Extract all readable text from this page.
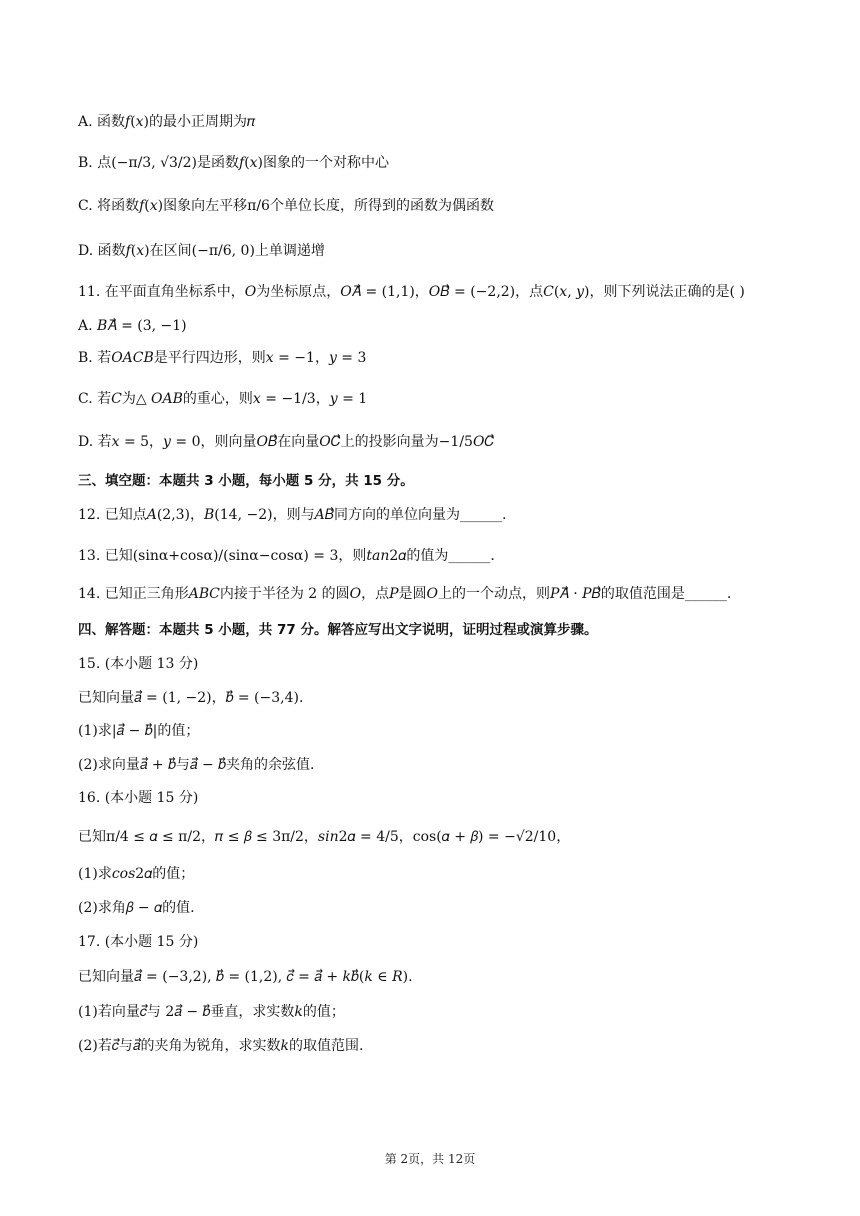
A. 函数𝑓(𝑥)的最小正周期为𝜋
B. 点(−π/3, √3/2)是函数𝑓(𝑥)图象的一个对称中心
C. 将函数𝑓(𝑥)图象向左平移π/6个单位长度，所得到的函数为偶函数
D. 函数𝑓(𝑥)在区间(−π/6, 0)上单调递增
11. 在平面直角坐标系中，𝑂为坐标原点，𝑂𝐴⃗ = (1,1)，𝑂𝐵⃗ = (−2,2)，点𝐶(𝑥, 𝑦)，则下列说法正确的是( )
A. 𝐵𝐴⃗ = (3, −1)
B. 若𝑂𝐴𝐶𝐵是平行四边形，则𝑥 = −1，𝑦 = 3
C. 若𝐶为△ 𝑂𝐴𝐵的重心，则𝑥 = −1/3，𝑦 = 1
D. 若𝑥 = 5，𝑦 = 0，则向量𝑂𝐵⃗在向量𝑂𝐶⃗上的投影向量为−1/5𝑂𝐶⃗
三、填空题：本题共 3 小题，每小题 5 分，共 15 分。
12. 已知点𝐴(2,3)，𝐵(14, −2)，则与𝐴𝐵⃗同方向的单位向量为______.
13. 已知(sinα+cosα)/(sinα−cosα) = 3，则𝑡𝑎𝑛2𝛼的值为______.
14. 已知正三角形𝐴𝐵𝐶内接于半径为 2 的圆𝑂，点𝑃是圆𝑂上的一个动点，则𝑃𝐴⃗ · 𝑃𝐵⃗的取值范围是______.
四、解答题：本题共 5 小题，共 77 分。解答应写出文字说明，证明过程或演算步骤。
15. (本小题 13 分)
已知向量𝑎⃗ = (1, −2)，𝑏⃗ = (−3,4).
(1)求|𝑎⃗ − 𝑏⃗|的值；
(2)求向量𝑎⃗ + 𝑏⃗与𝑎⃗ − 𝑏⃗夹角的余弦值.
16. (本小题 15 分)
已知π/4 ≤ 𝛼 ≤ π/2，𝜋 ≤ 𝛽 ≤ 3π/2，𝑠𝑖𝑛2𝛼 = 4/5，cos(𝛼 + 𝛽) = −√2/10，
(1)求𝑐𝑜𝑠2𝛼的值；
(2)求角𝛽 − 𝛼的值.
17. (本小题 15 分)
已知向量𝑎⃗ = (−3,2), 𝑏⃗ = (1,2), 𝑐⃗ = 𝑎⃗ + 𝑘𝑏⃗(𝑘 ∈ 𝑅).
(1)若向量𝑐⃗与 2𝑎⃗ − 𝑏⃗垂直，求实数𝑘的值；
(2)若𝑐⃗与𝑎⃗的夹角为锐角，求实数𝑘的取值范围.
第 2页，共 12页
